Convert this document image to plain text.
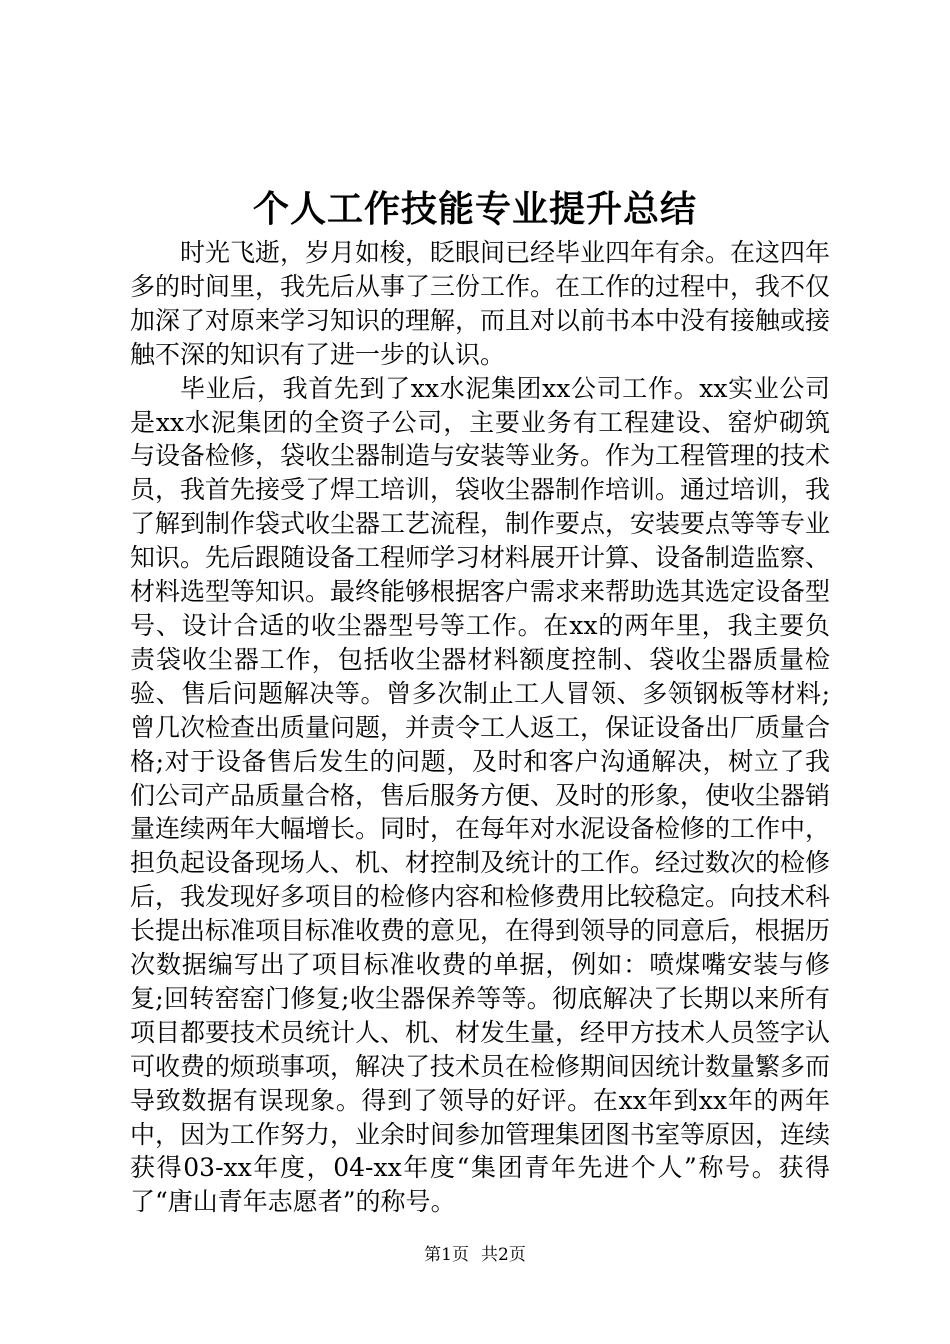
个人工作技能专业提升总结

时光飞逝，岁月如梭，眨眼间已经毕业四年有余。在这四年多的时间里，我先后从事了三份工作。在工作的过程中，我不仅加深了对原来学习知识的理解，而且对以前书本中没有接触或接触不深的知识有了进一步的认识。

毕业后，我首先到了xx水泥集团xx公司工作。xx实业公司是xx水泥集团的全资子公司，主要业务有工程建设、窑炉砌筑与设备检修，袋收尘器制造与安装等业务。作为工程管理的技术员，我首先接受了焊工培训，袋收尘器制作培训。通过培训，我了解到制作袋式收尘器工艺流程，制作要点，安装要点等等专业知识。先后跟随设备工程师学习材料展开计算、设备制造监察、材料选型等知识。最终能够根据客户需求来帮助选其选定设备型号、设计合适的收尘器型号等工作。在xx的两年里，我主要负责袋收尘器工作，包括收尘器材料额度控制、袋收尘器质量检验、售后问题解决等。曾多次制止工人冒领、多领钢板等材料;曾几次检查出质量问题，并责令工人返工，保证设备出厂质量合格;对于设备售后发生的问题，及时和客户沟通解决，树立了我们公司产品质量合格，售后服务方便、及时的形象，使收尘器销量连续两年大幅增长。同时，在每年对水泥设备检修的工作中，担负起设备现场人、机、材控制及统计的工作。经过数次的检修后，我发现好多项目的检修内容和检修费用比较稳定。向技术科长提出标准项目标准收费的意见，在得到领导的同意后，根据历次数据编写出了项目标准收费的单据，例如：喷煤嘴安装与修复;回转窑窑门修复;收尘器保养等等。彻底解决了长期以来所有项目都要技术员统计人、机、材发生量，经甲方技术人员签字认可收费的烦琐事项，解决了技术员在检修期间因统计数量繁多而导致数据有误现象。得到了领导的好评。在xx年到xx年的两年中，因为工作努力，业余时间参加管理集团图书室等原因，连续获得03-xx年度，04-xx年度“集团青年先进个人”称号。获得了“唐山青年志愿者”的称号。

第1页 共2页
